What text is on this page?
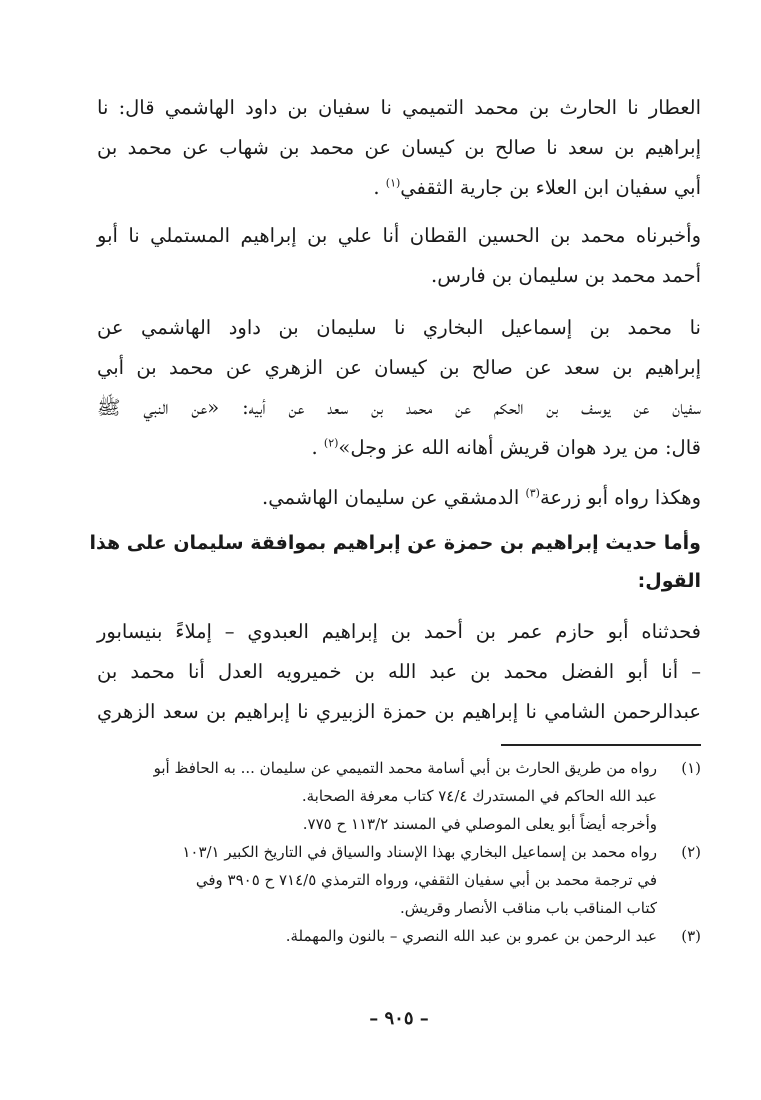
العطار نا الحارث بن محمد التميمي نا سفيان بن داود الهاشمي قال: نا
إبراهيم بن سعد نا صالح بن كيسان عن محمد بن شهاب عن محمد بن
أبي سفيان ابن العلاء بن جارية الثقفي$^{(١)}$ .

وأخبرناه محمد بن الحسين القطان أنا علي بن إبراهيم المستملي نا أبو
أحمد محمد بن سليمان بن فارس.

نا محمد بن إسماعيل البخاري نا سليمان بن داود الهاشمي عن
إبراهيم بن سعد عن صالح بن كيسان عن الزهري عن محمد بن أبي
سفيان عن يوسف بن الحكم عن محمد بن سعد عن أبيه: «عن النبي ﷺ
قال: من يرد هوان قريش أهانه الله عز وجل»$^{(٢)}$ .

وهكذا رواه أبو زرعة$^{(٣)}$ الدمشقي عن سليمان الهاشمي.

وأما حديث إبراهيم بن حمزة عن إبراهيم بموافقة سليمان على هذا
القول:

فحدثناه أبو حازم عمر بن أحمد بن إبراهيم العبدوي – إملاءً بنيسابور
– أنا أبو الفضل محمد بن عبد الله بن خميرويه العدل أنا محمد بن
عبدالرحمن الشامي نا إبراهيم بن حمزة الزبيري نا إبراهيم بن سعد الزهري

(١)
رواه من طريق الحارث بن أبي أسامة محمد التميمي عن سليمان ... به الحافظ أبو
عبد الله الحاكم في المستدرك ٧٤/٤ كتاب معرفة الصحابة.
وأخرجه أيضاً أبو يعلى الموصلي في المسند ١١٣/٢ ح ٧٧٥.
(٢)
رواه محمد بن إسماعيل البخاري بهذا الإسناد والسياق في التاريخ الكبير ١٠٣/١
في ترجمة محمد بن أبي سفيان الثقفي، ورواه الترمذي ٧١٤/٥ ح ٣٩٠٥ وفي
كتاب المناقب باب مناقب الأنصار وقريش.
(٣)
عبد الرحمن بن عمرو بن عبد الله النصري – بالنون والمهملة.
– ٩٠٥ –
